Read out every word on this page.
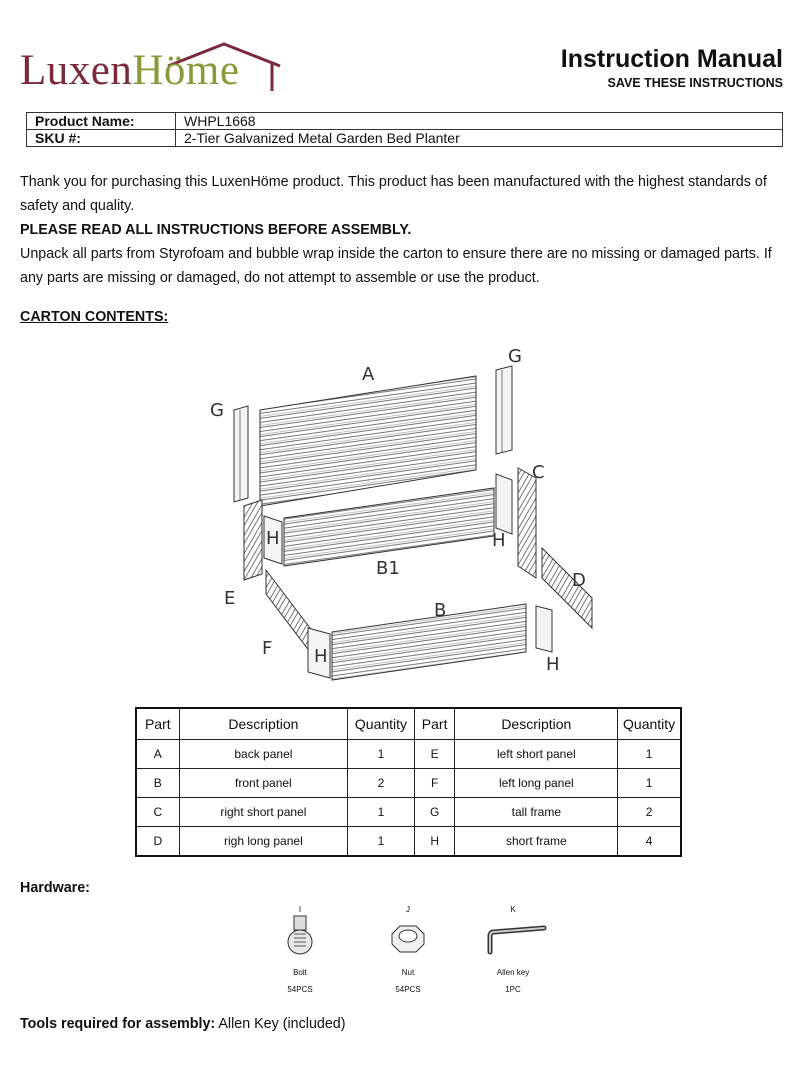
LuxenHöme	Instruction Manual
SAVE THESE INSTRUCTIONS
Product Name:	WHPL1668
SKU #:	2-Tier Galvanized Metal Garden Bed Planter
Thank you for purchasing this LuxenHöme product. This product has been manufactured with the highest standards of safety and quality.
PLEASE READ ALL INSTRUCTIONS BEFORE ASSEMBLY.
Unpack all parts from Styrofoam and bubble wrap inside the carton to ensure there are no missing or damaged parts. If any parts are missing or damaged, do not attempt to assemble or use the product.
CARTON CONTENTS:
A
G
G
C
H	H
B1
D
E
B
F H	H
Part	Description	Quantity	Part	Description	Quantity
A	back panel	1	E	left short panel	1
B	front panel	2	F	left long panel	1
C	right short panel	1	G	tall frame	2
D	righ long panel	1	H	short frame	4
Hardware:
I
Bolt
54PCS
J
Nut
54PCS
K
Allen key
1PC
Tools required for assembly: Allen Key (included)
